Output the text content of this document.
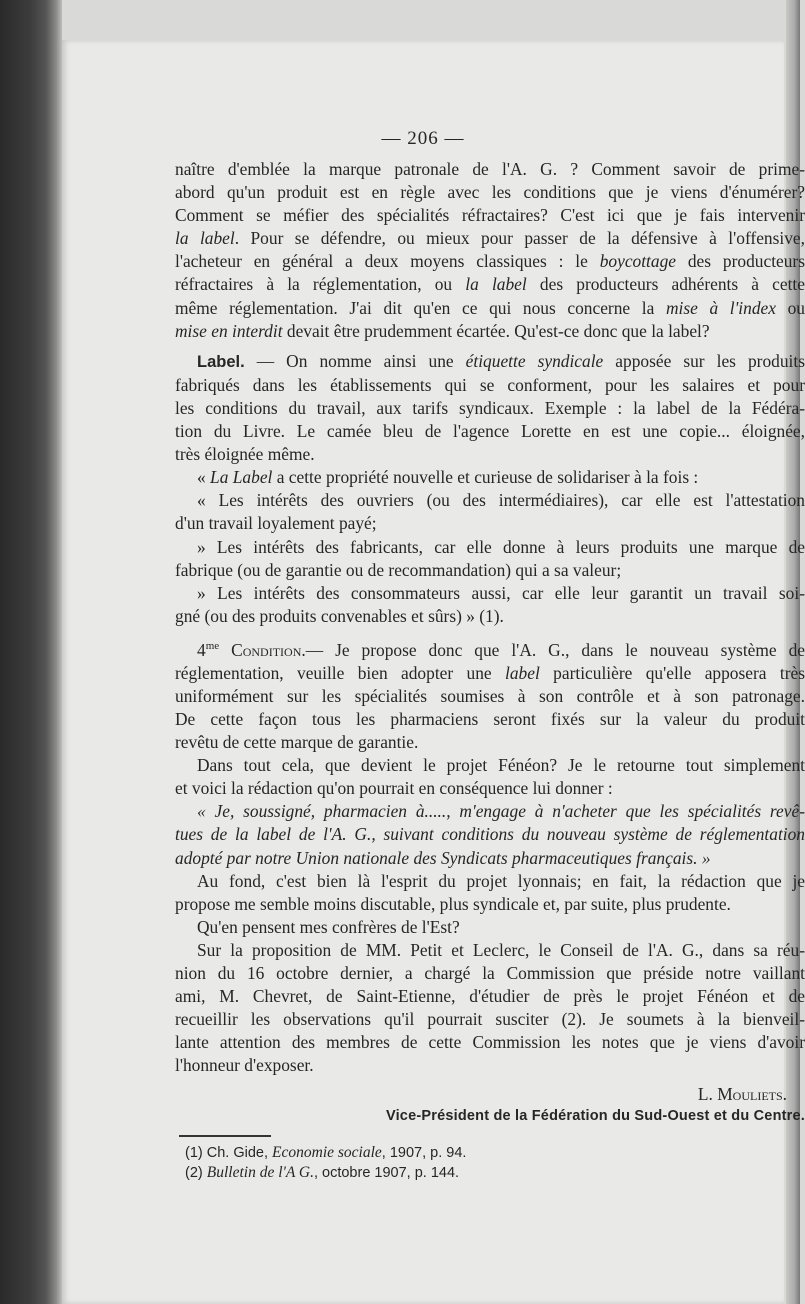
— 206 —
naître d'emblée la marque patronale de l'A. G. ? Comment savoir de prime-
abord qu'un produit est en règle avec les conditions que je viens d'énumérer?
Comment se méfier des spécialités réfractaires? C'est ici que je fais intervenir
la label. Pour se défendre, ou mieux pour passer de la défensive à l'offensive,
l'acheteur en général a deux moyens classiques : le boycottage des producteurs
réfractaires à la réglementation, ou la label des producteurs adhérents à cette
même réglementation. J'ai dit qu'en ce qui nous concerne la mise à l'index ou
mise en interdit devait être prudemment écartée. Qu'est-ce donc que la label?
Label. — On nomme ainsi une étiquette syndicale apposée sur les produits
fabriqués dans les établissements qui se conforment, pour les salaires et pour
les conditions du travail, aux tarifs syndicaux. Exemple : la label de la Fédéra-
tion du Livre. Le camée bleu de l'agence Lorette en est une copie... éloignée,
très éloignée même.
« La Label a cette propriété nouvelle et curieuse de solidariser à la fois :
« Les intérêts des ouvriers (ou des intermédiaires), car elle est l'attestation
d'un travail loyalement payé;
» Les intérêts des fabricants, car elle donne à leurs produits une marque de
fabrique (ou de garantie ou de recommandation) qui a sa valeur;
» Les intérêts des consommateurs aussi, car elle leur garantit un travail soi-
gné (ou des produits convenables et sûrs) » (1).
$4^{me}$ Condition.— Je propose donc que l'A. G., dans le nouveau système de
réglementation, veuille bien adopter une label particulière qu'elle apposera très
uniformément sur les spécialités soumises à son contrôle et à son patronage.
De cette façon tous les pharmaciens seront fixés sur la valeur du produit
revêtu de cette marque de garantie.
Dans tout cela, que devient le projet Fénéon? Je le retourne tout simplement
et voici la rédaction qu'on pourrait en conséquence lui donner :
« Je, soussigné, pharmacien à....., m'engage à n'acheter que les spécialités revê-
tues de la label de l'A. G., suivant conditions du nouveau système de réglementation
adopté par notre Union nationale des Syndicats pharmaceutiques français. »
Au fond, c'est bien là l'esprit du projet lyonnais; en fait, la rédaction que je
propose me semble moins discutable, plus syndicale et, par suite, plus prudente.
Qu'en pensent mes confrères de l'Est?
Sur la proposition de MM. Petit et Leclerc, le Conseil de l'A. G., dans sa réu-
nion du 16 octobre dernier, a chargé la Commission que préside notre vaillant
ami, M. Chevret, de Saint-Etienne, d'étudier de près le projet Fénéon et de
recueillir les observations qu'il pourrait susciter (2). Je soumets à la bienveil-
lante attention des membres de cette Commission les notes que je viens d'avoir
l'honneur d'exposer.
L. Mouliets.
Vice-Président de la Fédération du Sud-Ouest et du Centre.
(1) Ch. Gide, Economie sociale, 1907, p. 94.
(2) Bulletin de l'A G., octobre 1907, p. 144.
